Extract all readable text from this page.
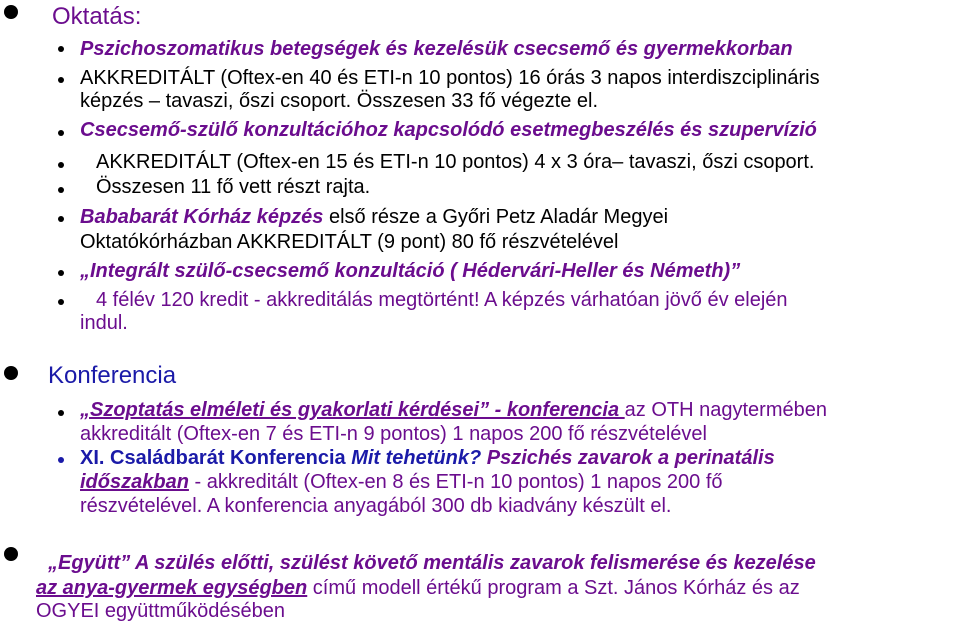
Oktatás:
Pszichoszomatikus betegségek és kezelésük csecsemő és gyermekkorban
AKKREDITÁLT (Oftex-en 40 és ETI-n 10 pontos) 16 órás 3 napos interdiszciplináris
képzés – tavaszi, őszi csoport. Összesen 33 fő végezte el.
Csecsemő-szülő konzultációhoz kapcsolódó esetmegbeszélés és szupervízió
AKKREDITÁLT (Oftex-en 15 és ETI-n 10 pontos) 4 x 3 óra– tavaszi, őszi csoport.
Összesen 11 fő vett részt rajta.
Bababarát Kórház képzés első része a Győri Petz Aladár Megyei
Oktatókórházban AKKREDITÁLT (9 pont) 80 fő részvételével
„Integrált szülő-csecsemő konzultáció ( Hédervári-Heller és Németh)”
4 félév 120 kredit - akkreditálás megtörtént! A képzés várhatóan jövő év elején
indul.
Konferencia
„Szoptatás elméleti és gyakorlati kérdései” - konferencia az OTH nagytermében
akkreditált (Oftex-en 7 és ETI-n 9 pontos) 1 napos 200 fő részvételével
XI. Családbarát Konferencia Mit tehetünk? Pszichés zavarok a perinatális
időszakban - akkreditált (Oftex-en 8 és ETI-n 10 pontos) 1 napos 200 fő
részvételével. A konferencia anyagából 300 db kiadvány készült el.
„Együtt” A szülés előtti, szülést követő mentális zavarok felismerése és kezelése
az anya-gyermek egységben című modell értékű program a Szt. János Kórház és az
OGYEI együttműködésében
